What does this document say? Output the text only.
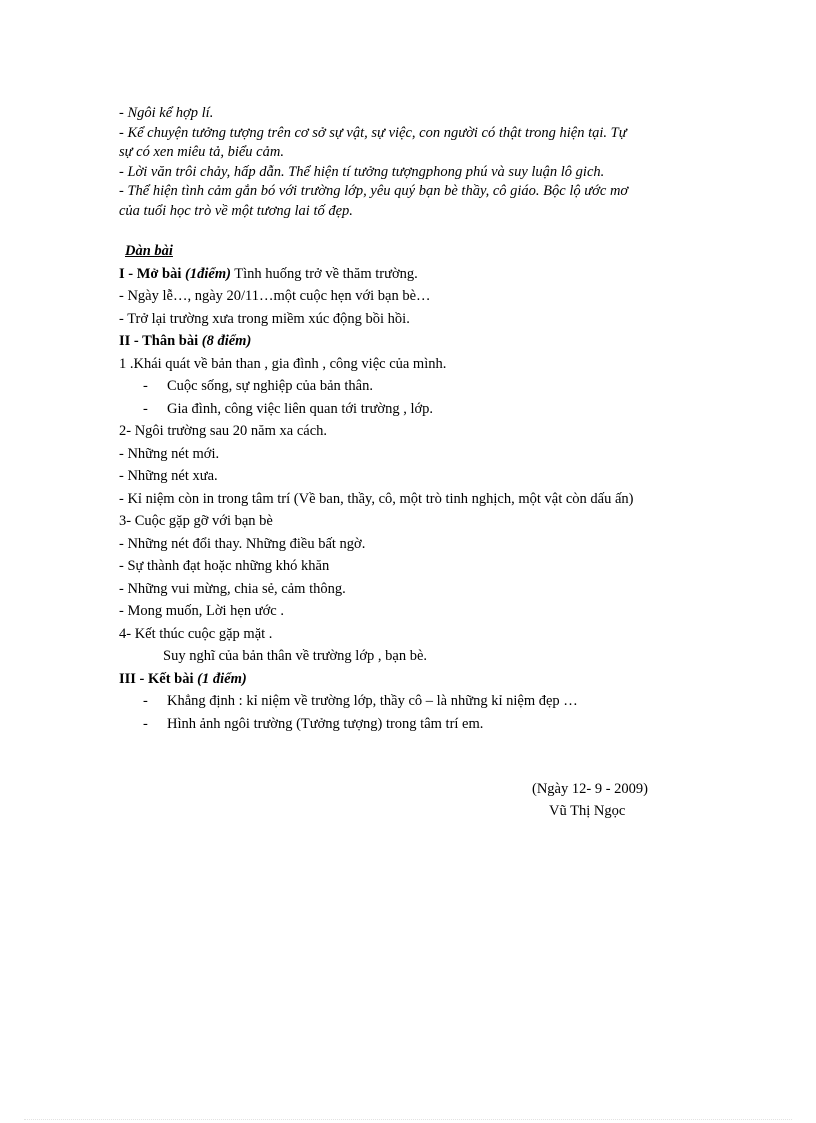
- Ngôi kể hợp lí.

- Kể chuyện tưởng tượng trên cơ sở sự vật, sự việc, con người có thật trong hiện tại. Tự

sự có xen miêu tả, biểu cảm.

- Lời văn trôi chảy, hấp dẫn. Thể hiện tí tưởng tượngphong phú và suy luận lô gich.

- Thể hiện tình cảm gắn bó với trường lớp, yêu quý bạn bè thầy, cô giáo. Bộc lộ ước mơ

của tuổi học trò về một tương lai tố đẹp.

Dàn bài

I - Mở bài (1điểm) Tình huống trở về thăm trường.

- Ngày lễ…, ngày 20/11…một cuộc hẹn với bạn bè…

- Trở lại trường xưa trong miềm xúc động bồi hồi.

II - Thân bài (8 điểm)

1 .Khái quát về bản than , gia đình , công việc của mình.

- Cuộc sống, sự nghiệp của bản thân.

- Gia đình, công việc liên quan tới trường , lớp.

2- Ngôi trường sau 20 năm xa cách.

- Những nét mới.

- Những nét xưa.

- Kỉ niệm còn in trong tâm trí (Về ban, thầy, cô, một trò tinh nghịch, một vật còn dấu ấn)

3- Cuộc gặp gỡ với bạn bè

- Những nét đổi thay. Những điều bất ngờ.

- Sự thành đạt hoặc những khó khăn

- Những vui mừng, chia sẻ, cảm thông.

- Mong muốn, Lời hẹn ước .

4- Kết thúc cuộc gặp mặt .

Suy nghĩ của bản thân về trường lớp , bạn bè.

III - Kết bài (1 điểm)

- Khẳng định : kỉ niệm về trường lớp, thầy cô – là những kỉ niệm đẹp …

- Hình ảnh ngôi trường (Tưởng tượng) trong tâm trí em.

(Ngày 12- 9 - 2009)

Vũ Thị Ngọc
